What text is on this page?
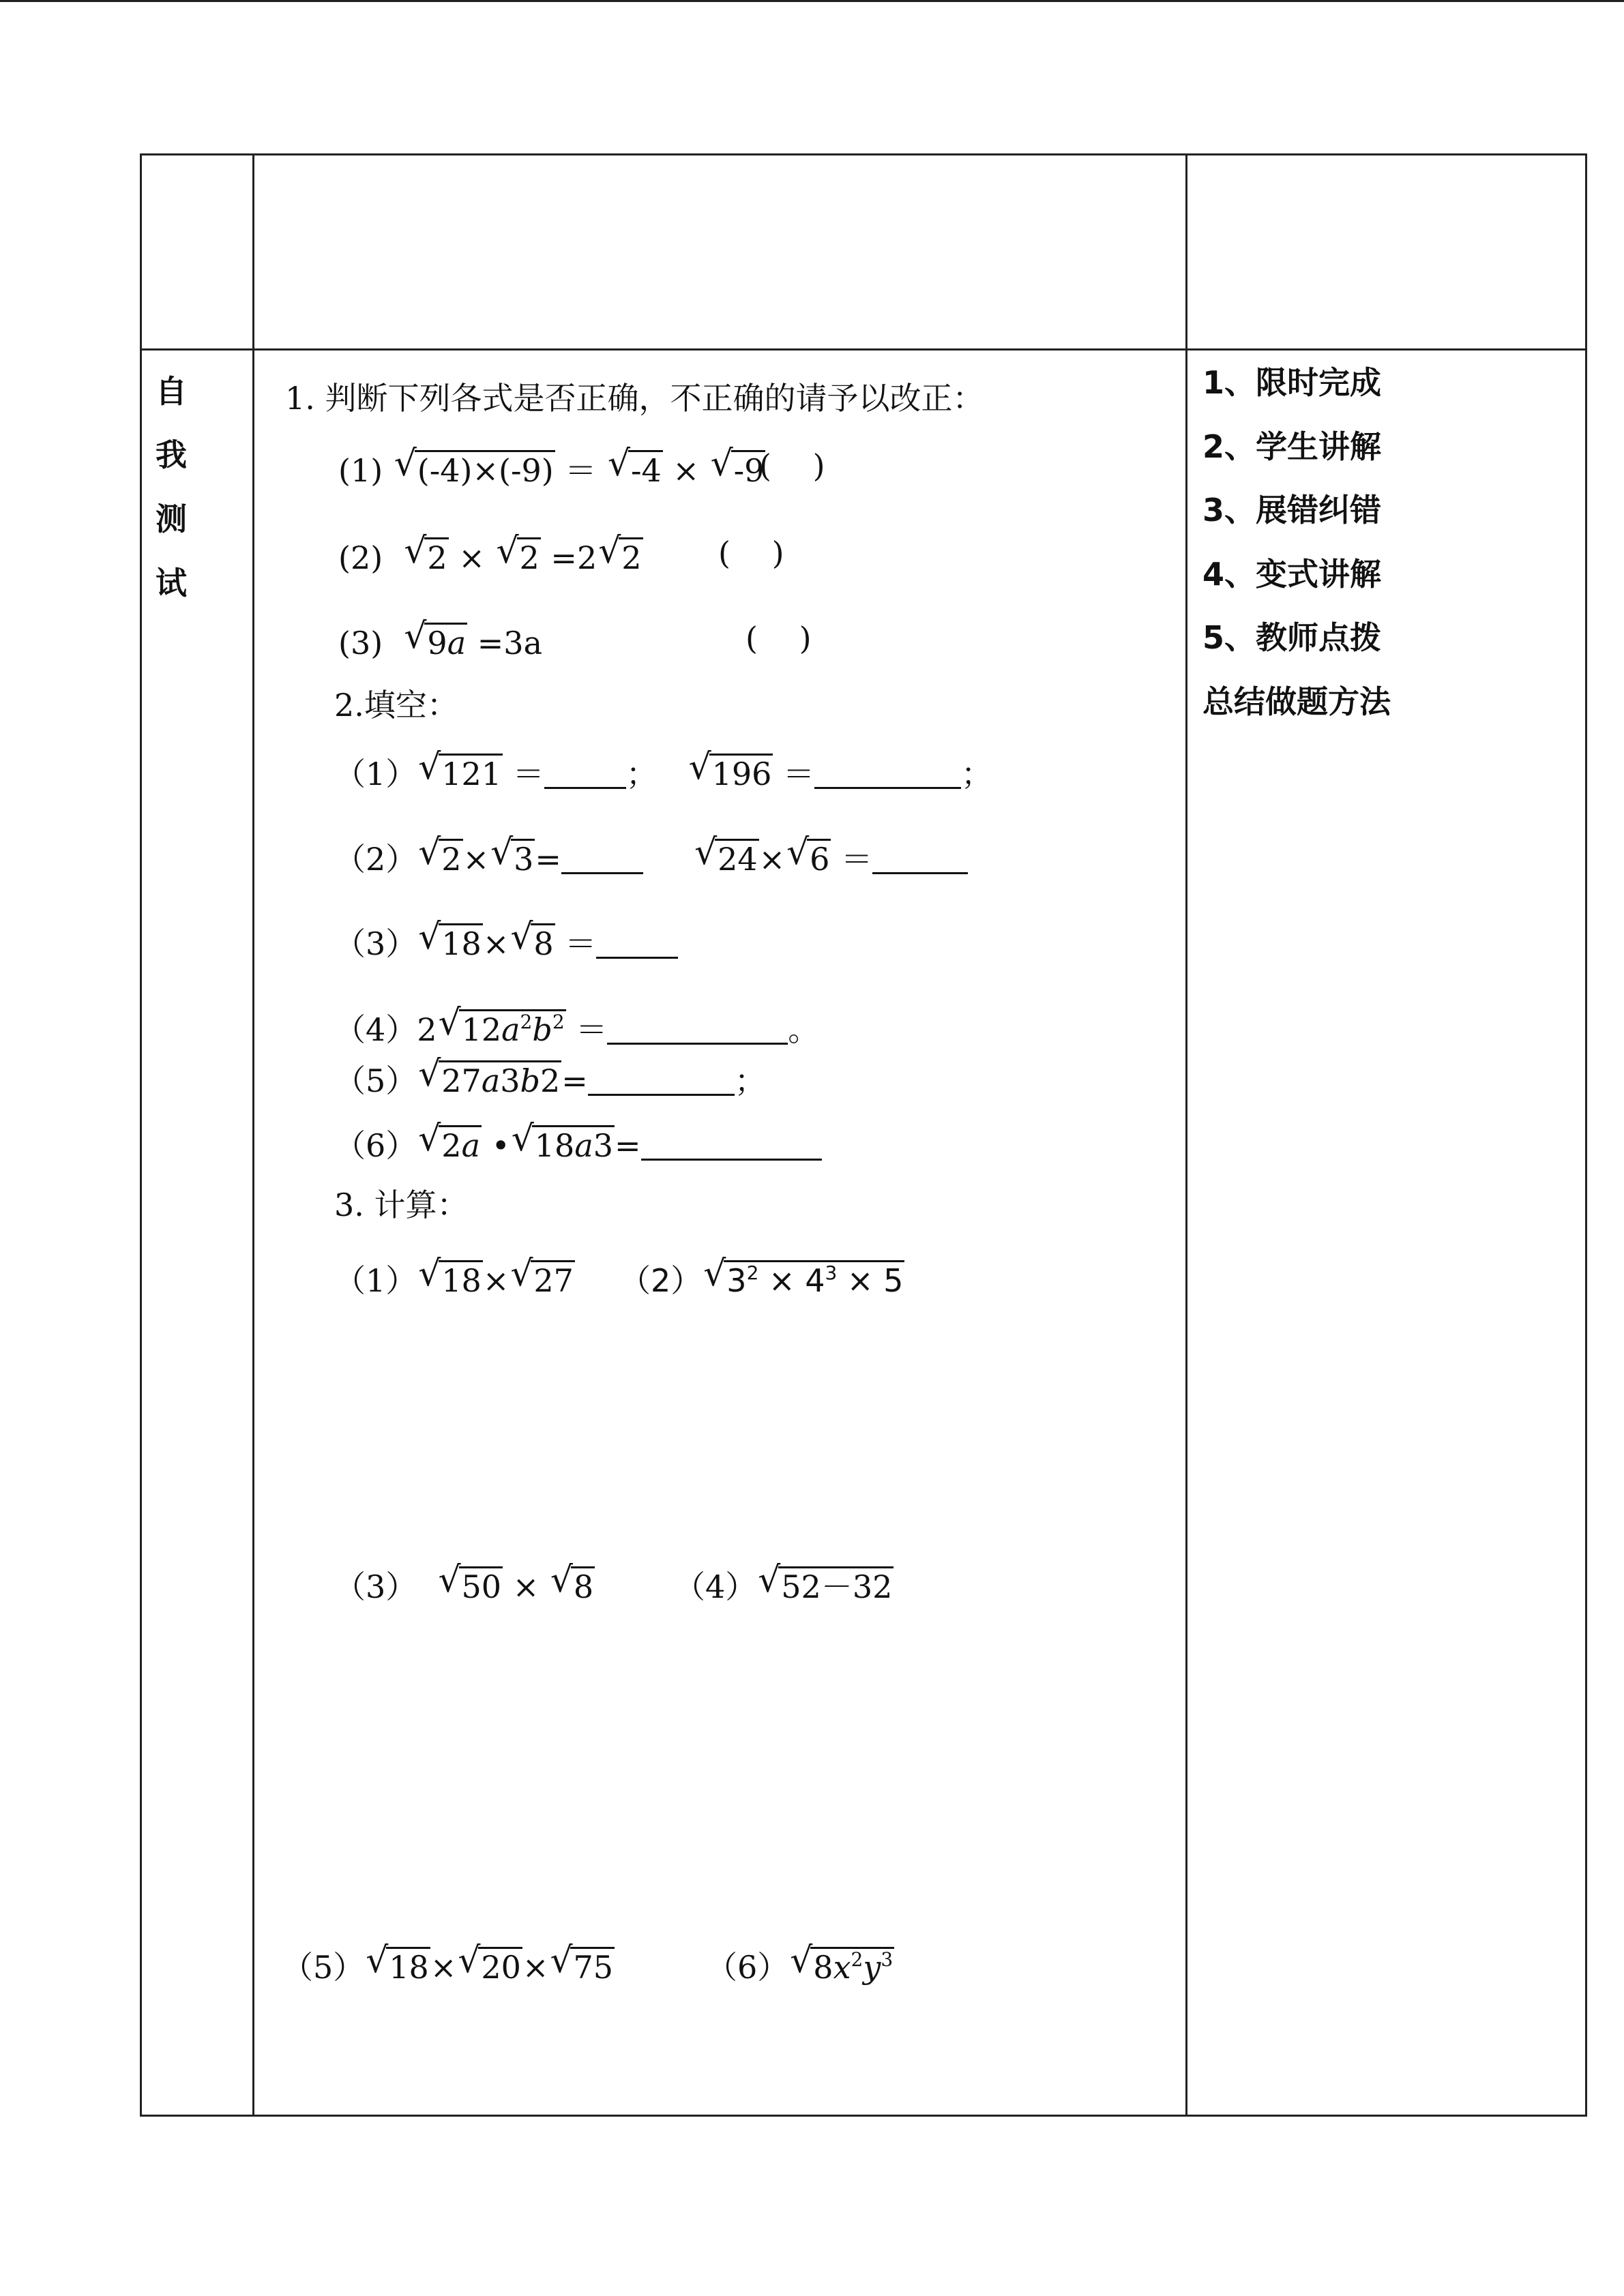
自
我
测
试
1、限时完成
2、学生讲解
3、展错纠错
4、变式讲解
5、教师点拨
总结做题方法
1. 判断下列各式是否正确，不正确的请予以改正：
(1) √ (-4)×(-9) ＝ √ -4 × √ -9
(　 )
(2) √ 2 × √ 2 =2 √ 2 (　 )
(3) √ 9a =3a	(　 )
2.填空：
（1） √ 121 ＝	； √ 196 ＝	；
（2） √ 2× √ 3=	√ 24× √ 6 ＝
（3） √ 18× √ 8 ＝
（4）2 √ $12a^2b^2$ ＝	。
（5） √ 27a3b2=	；
（6） √ 2a • √ 18a3=
3. 计算：
（1） √ 18× √ 27 （2） √ $3^2 \times 4^3 \times 5$
（3） √ 50 × √ 8	（4） √ 52－32
（5） √ 18× √ 20× √ 75	（6） √ $8x^2y^3$
